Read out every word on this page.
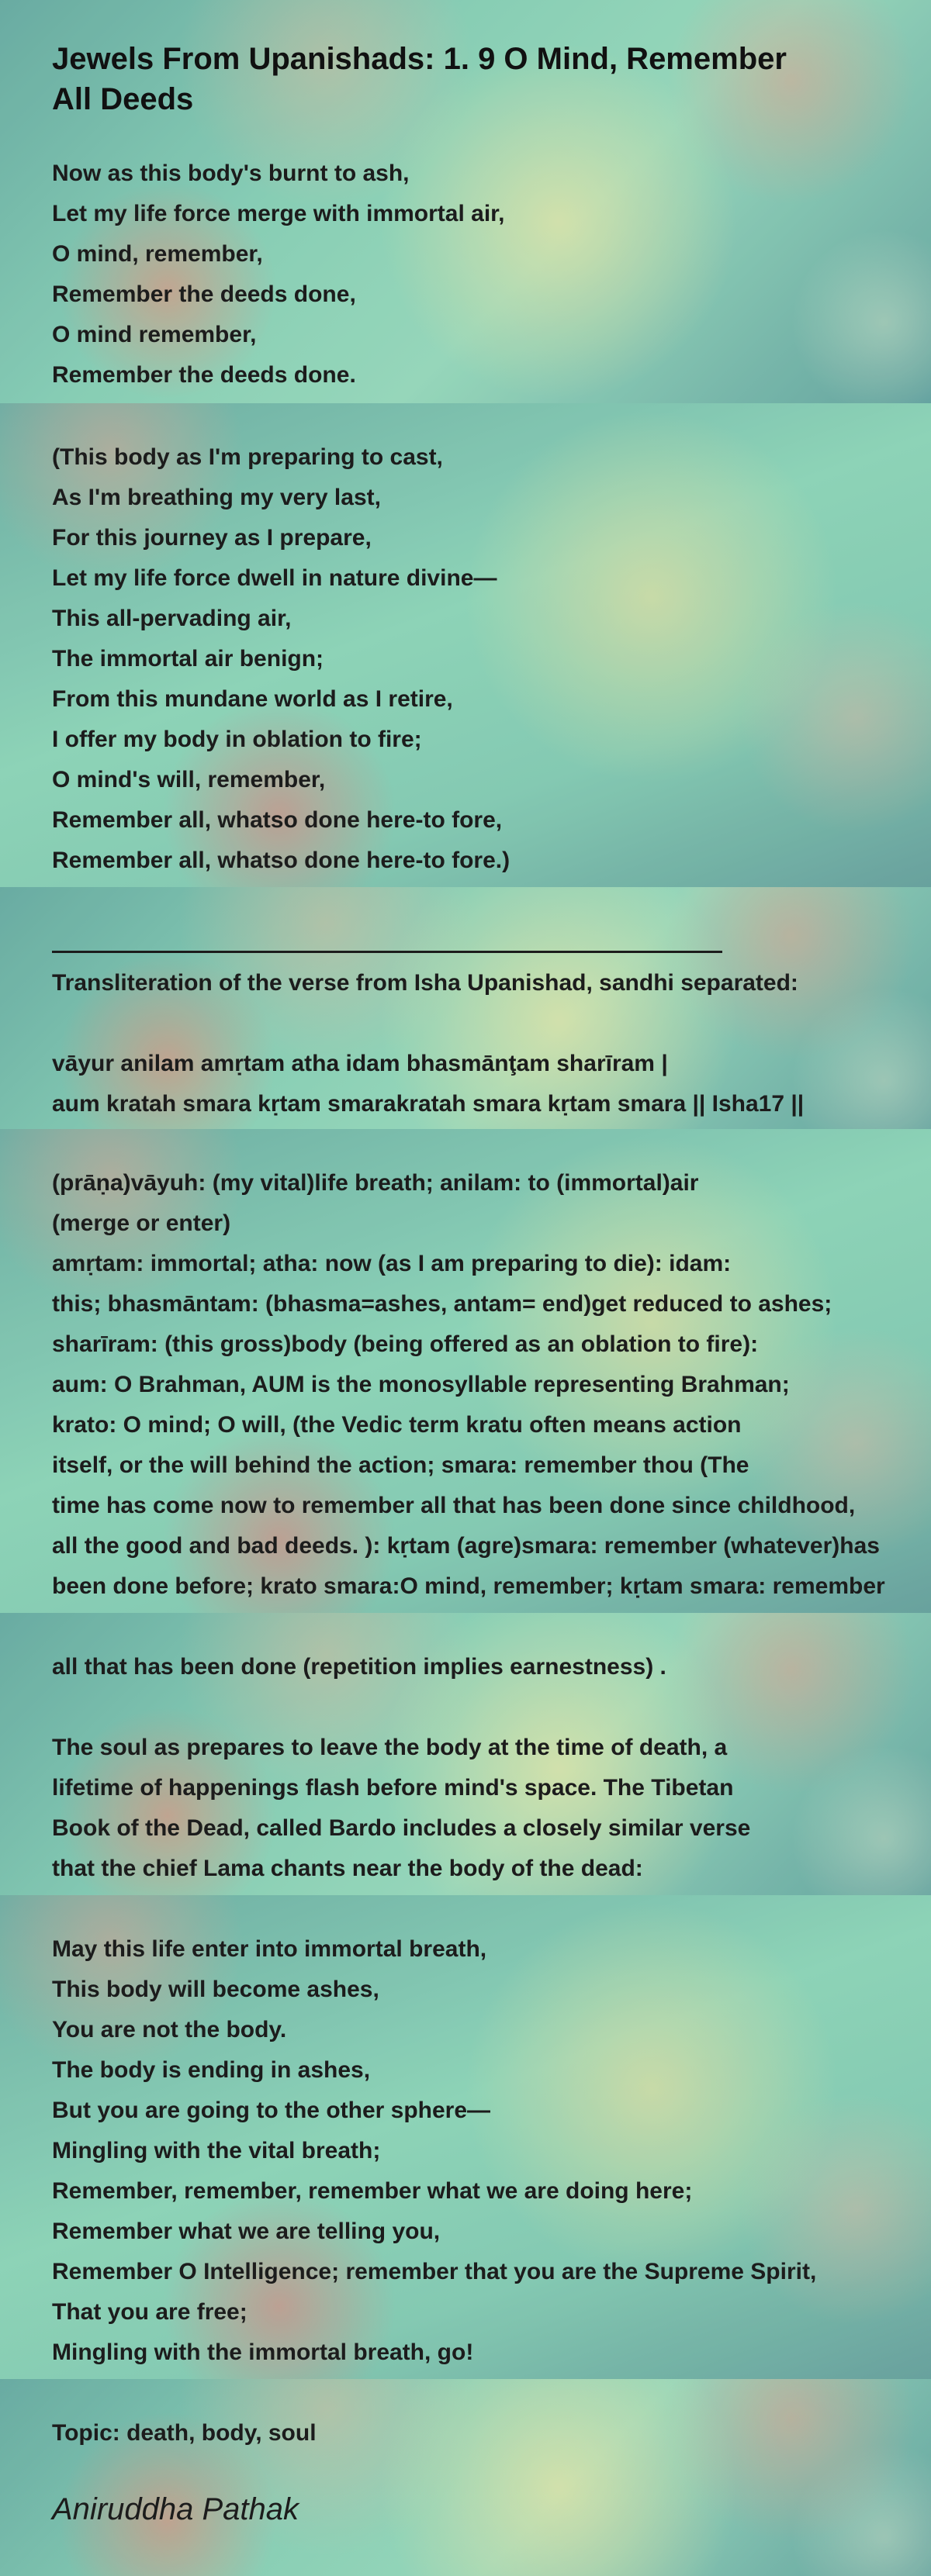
Jewels From Upanishads: 1. 9 O Mind, Remember
All Deeds
Now as this body's burnt to ash,
Let my life force merge with immortal air,
O mind, remember,
Remember the deeds done,
O mind remember,
Remember the deeds done.
(This body as I'm preparing to cast,
As I'm breathing my very last,
For this journey as I prepare,
Let my life force dwell in nature divine—
This all-pervading air,
The immortal air benign;
From this mundane world as I retire,
I offer my body in oblation to fire;
O mind's will, remember,
Remember all, whatso done here-to fore,
Remember all, whatso done here-to fore.)
Transliteration of the verse from Isha Upanishad, sandhi separated:
vāyur anilam amṛtam atha idam bhasmānţam sharīram |
aum kratah smara kṛtam smarakratah smara kṛtam smara || Isha17 ||
(prāṇa)vāyuh: (my vital)life breath; anilam: to (immortal)air
(merge or enter)
amṛtam: immortal; atha: now (as I am preparing to die): idam:
this; bhasmāntam: (bhasma=ashes, antam= end)get reduced to ashes;
sharīram: (this gross)body (being offered as an oblation to fire):
aum: O Brahman, AUM is the monosyllable representing Brahman;
krato: O mind; O will, (the Vedic term kratu often means action
itself, or the will behind the action; smara: remember thou (The
time has come now to remember all that has been done since childhood,
all the good and bad deeds. ): kṛtam (agre)smara: remember (whatever)has
been done before; krato smara:O mind, remember; kṛtam smara: remember
all that has been done (repetition implies earnestness) .
The soul as prepares to leave the body at the time of death, a
lifetime of happenings flash before mind's space. The Tibetan
Book of the Dead, called Bardo includes a closely similar verse
that the chief Lama chants near the body of the dead:
May this life enter into immortal breath,
This body will become ashes,
You are not the body.
The body is ending in ashes,
But you are going to the other sphere—
Mingling with the vital breath;
Remember, remember, remember what we are doing here;
Remember what we are telling you,
Remember O Intelligence; remember that you are the Supreme Spirit,
That you are free;
Mingling with the immortal breath, go!
Topic: death, body, soul
Aniruddha Pathak
